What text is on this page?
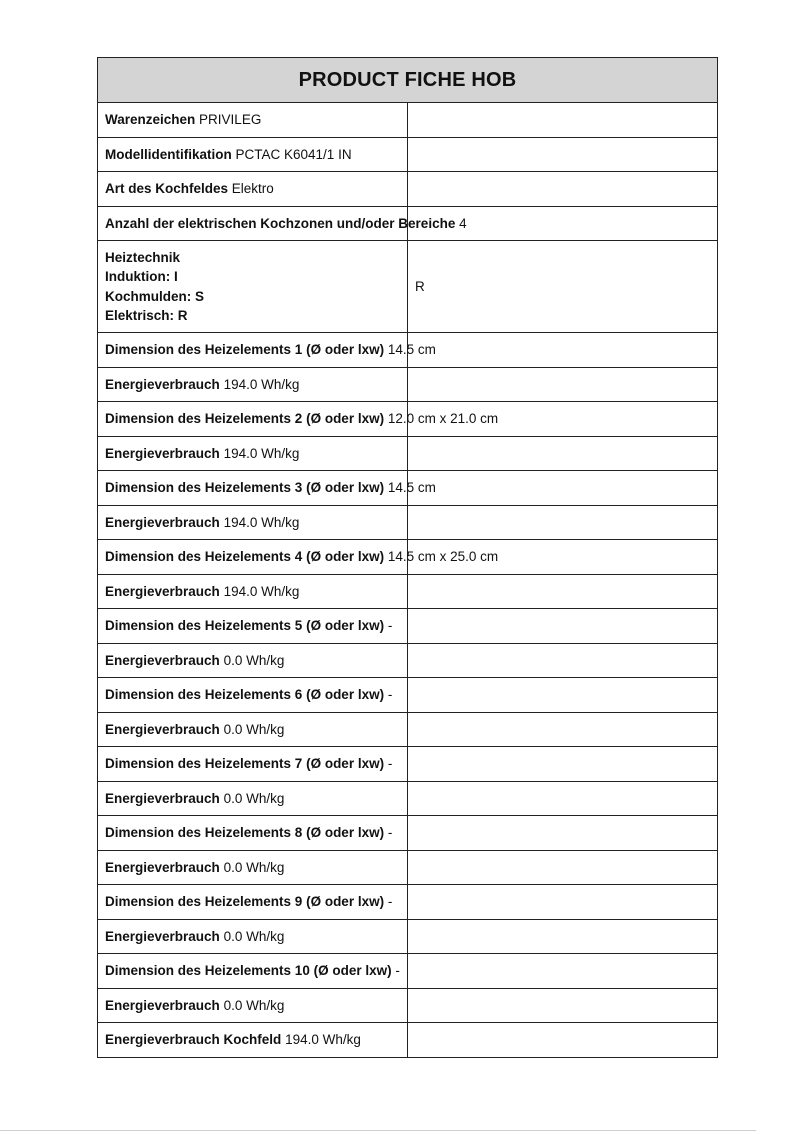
PRODUCT FICHE HOB	
Warenzeichen PRIVILEG	
Modellidentifikation PCTAC K6041/1 IN	
Art des Kochfeldes Elektro	
Anzahl der elektrischen Kochzonen und/oder Bereiche 4	

Heiztechnik
Induktion: I
Kochmulden: S
Elektrisch: R	R
Dimension des Heizelements 1 (Ø oder lxw) 14.5 cm	
Energieverbrauch 194.0 Wh/kg	
Dimension des Heizelements 2 (Ø oder lxw) 12.0 cm x 21.0 cm	
Energieverbrauch 194.0 Wh/kg	
Dimension des Heizelements 3 (Ø oder lxw) 14.5 cm	
Energieverbrauch 194.0 Wh/kg	
Dimension des Heizelements 4 (Ø oder lxw) 14.5 cm x 25.0 cm	
Energieverbrauch 194.0 Wh/kg	
Dimension des Heizelements 5 (Ø oder lxw) -	
Energieverbrauch 0.0 Wh/kg	
Dimension des Heizelements 6 (Ø oder lxw) -	
Energieverbrauch 0.0 Wh/kg	
Dimension des Heizelements 7 (Ø oder lxw) -	
Energieverbrauch 0.0 Wh/kg	
Dimension des Heizelements 8 (Ø oder lxw) -	
Energieverbrauch 0.0 Wh/kg	
Dimension des Heizelements 9 (Ø oder lxw) -	
Energieverbrauch 0.0 Wh/kg	
Dimension des Heizelements 10 (Ø oder lxw) -	
Energieverbrauch 0.0 Wh/kg	
Energieverbrauch Kochfeld 194.0 Wh/kg	
